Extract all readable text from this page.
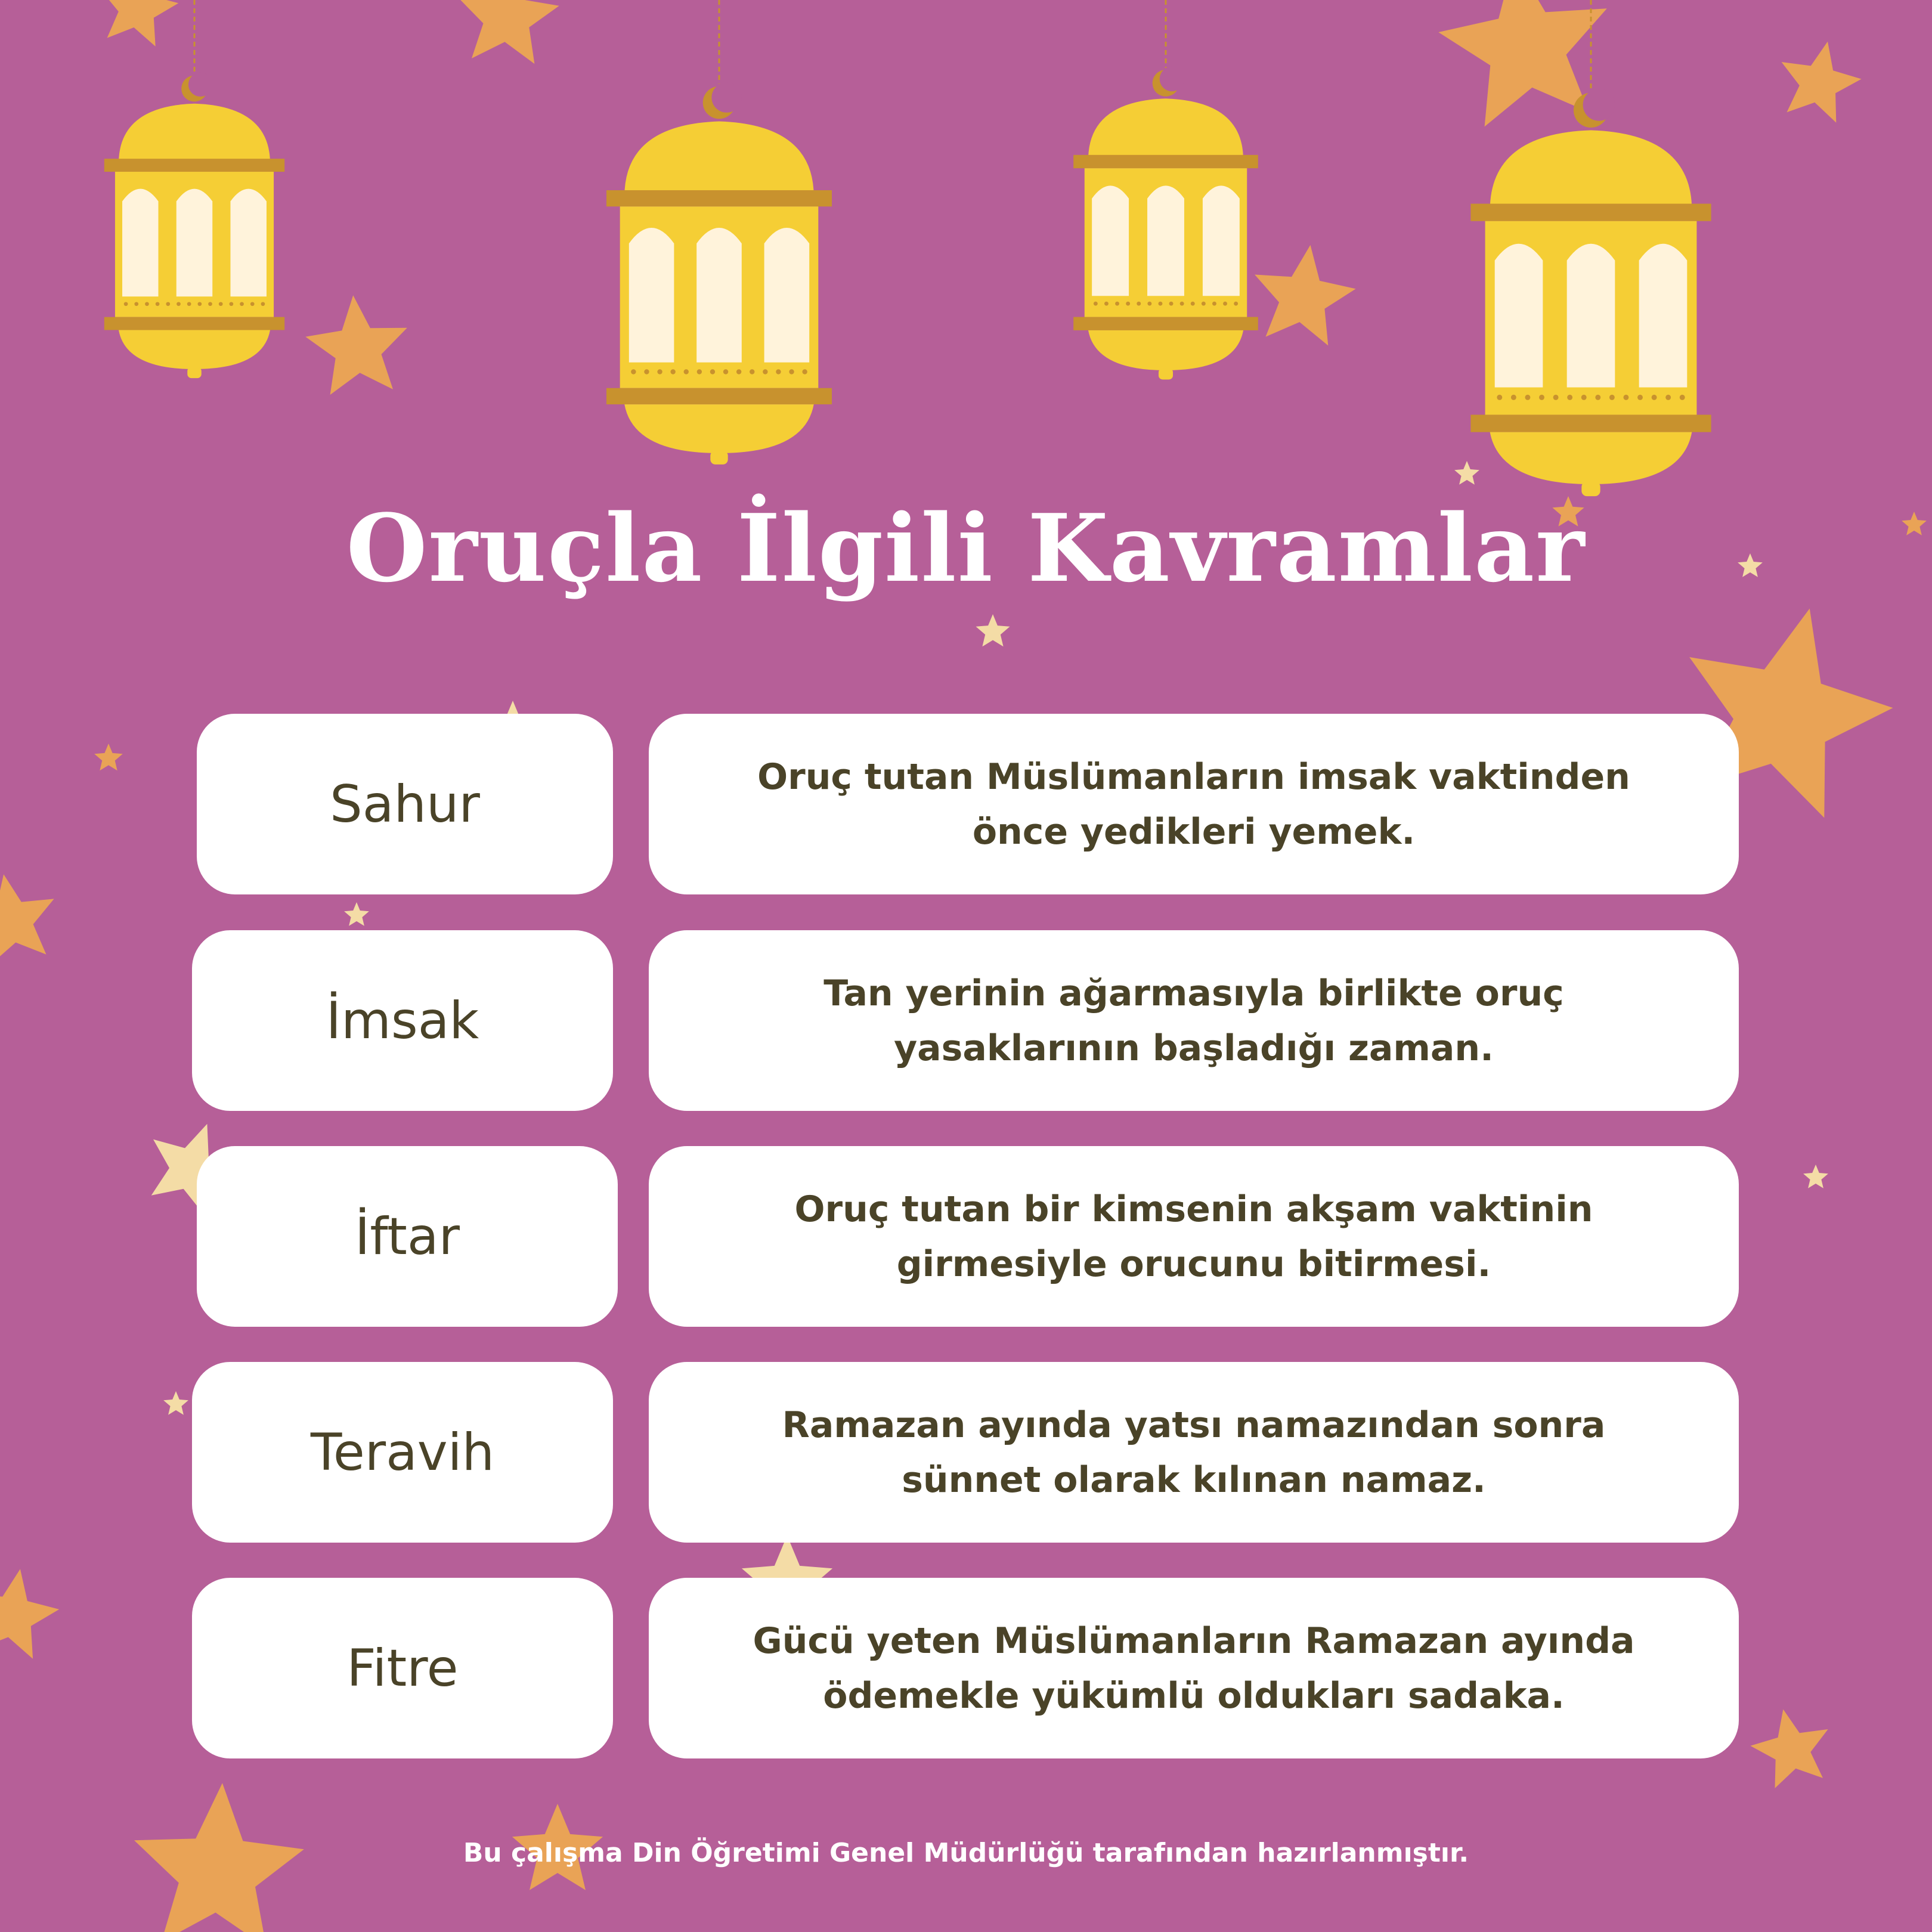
Oruçla İlgili Kavramlar
Sahur	Oruç tutan Müslümanların imsak vaktinden önce yedikleri yemek.
İmsak	Tan yerinin ağarmasıyla birlikte oruç yasaklarının başladığı zaman.
İftar	Oruç tutan bir kimsenin akşam vaktinin girmesiyle orucunu bitirmesi.
Teravih	Ramazan ayında yatsı namazından sonra sünnet olarak kılınan namaz.
Fitre	Gücü yeten Müslümanların Ramazan ayında ödemekle yükümlü oldukları sadaka.
Bu çalışma Din Öğretimi Genel Müdürlüğü tarafından hazırlanmıştır.
